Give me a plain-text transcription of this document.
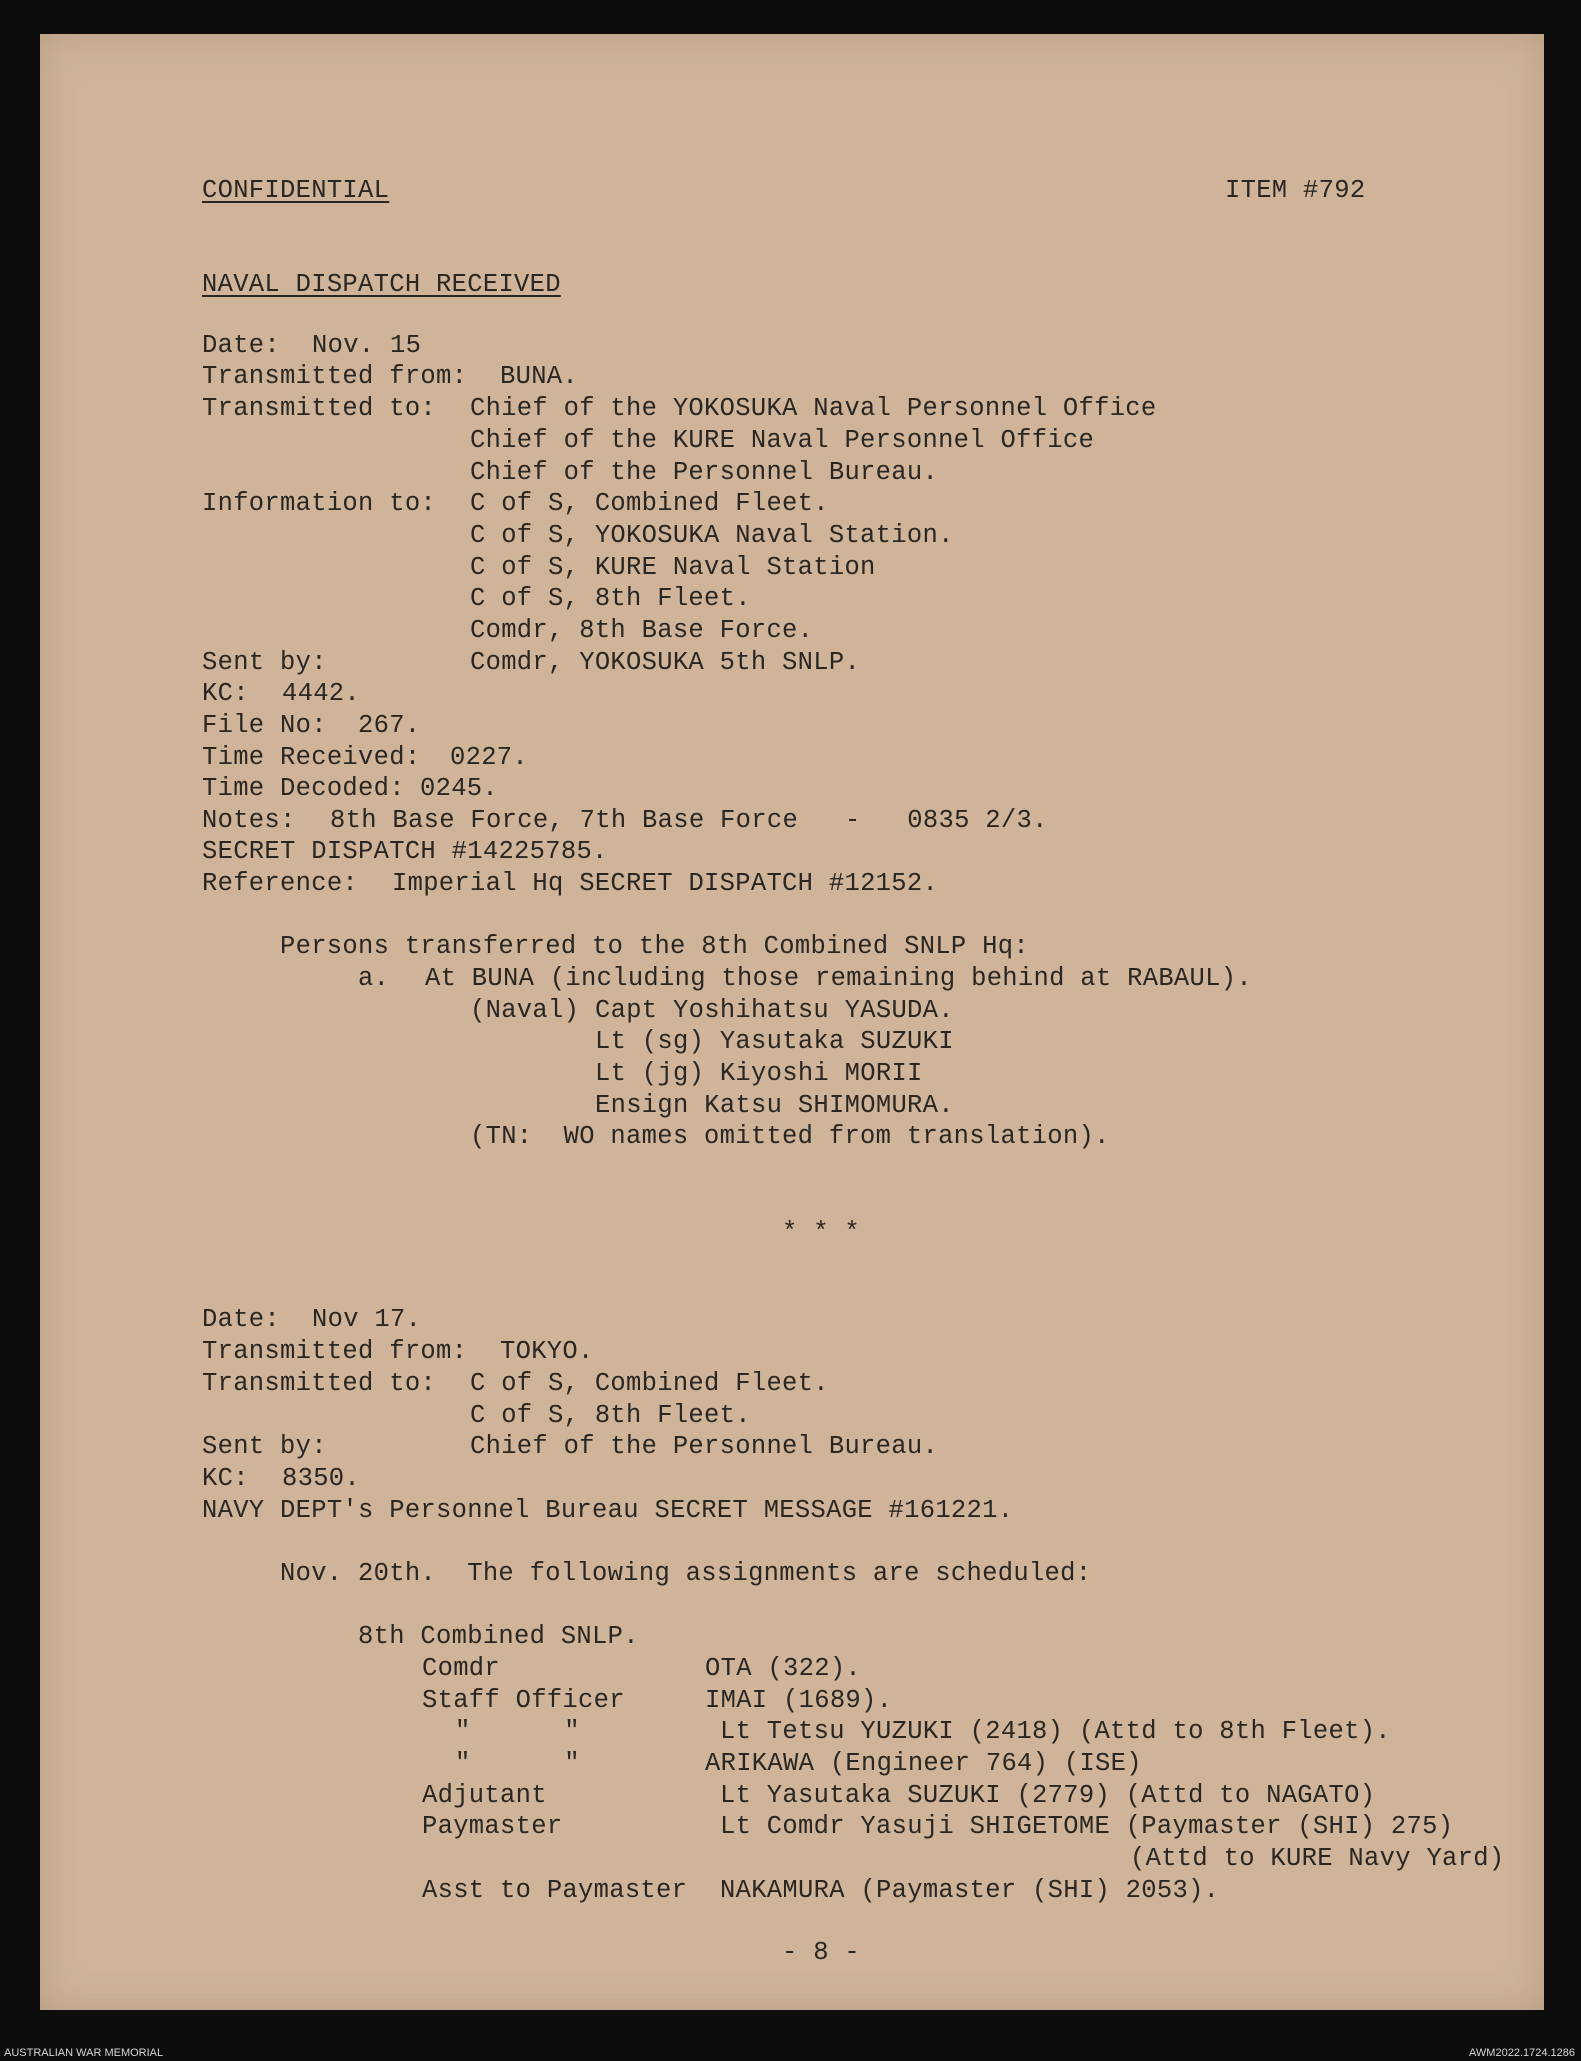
CONFIDENTIAL	ITEM #792
NAVAL DISPATCH RECEIVED
Date: Nov. 15
Transmitted from: BUNA.
Transmitted to: Chief of the YOKOSUKA Naval Personnel Office
Chief of the KURE Naval Personnel Office
Chief of the Personnel Bureau.
Information to: C of S, Combined Fleet.
C of S, YOKOSUKA Naval Station.
C of S, KURE Naval Station
C of S, 8th Fleet.
Comdr, 8th Base Force.
Sent by:	Comdr, YOKOSUKA 5th SNLP.
KC: 4442.
File No: 267.
Time Received: 0227.
Time Decoded: 0245.
Notes: 8th Base Force, 7th Base Force   -   0835 2/3.
SECRET DISPATCH #14225785.
Reference: Imperial Hq SECRET DISPATCH #12152.
Persons transferred to the 8th Combined SNLP Hq:
a. At BUNA (including those remaining behind at RABAUL).
(Naval) Capt Yoshihatsu YASUDA.
Lt (sg) Yasutaka SUZUKI
Lt (jg) Kiyoshi MORII
Ensign Katsu SHIMOMURA.
(TN:  WO names omitted from translation).
* * *
Date: Nov 17.
Transmitted from: TOKYO.
Transmitted to: C of S, Combined Fleet.
C of S, 8th Fleet.
Sent by:	Chief of the Personnel Bureau.
KC: 8350.
NAVY DEPT's Personnel Bureau SECRET MESSAGE #161221.
Nov. 20th.  The following assignments are scheduled:
8th Combined SNLP.
Comdr	OTA (322).
Staff Officer	IMAI (1689).
"      "	Lt Tetsu YUZUKI (2418) (Attd to 8th Fleet).
"      "	ARIKAWA (Engineer 764) (ISE)
Adjutant	Lt Yasutaka SUZUKI (2779) (Attd to NAGATO)
Paymaster	Lt Comdr Yasuji SHIGETOME (Paymaster (SHI) 275)
(Attd to KURE Navy Yard)
Asst to Paymaster NAKAMURA (Paymaster (SHI) 2053).
- 8 -
AUSTRALIAN WAR MEMORIAL	AWM2022.1724.1286
